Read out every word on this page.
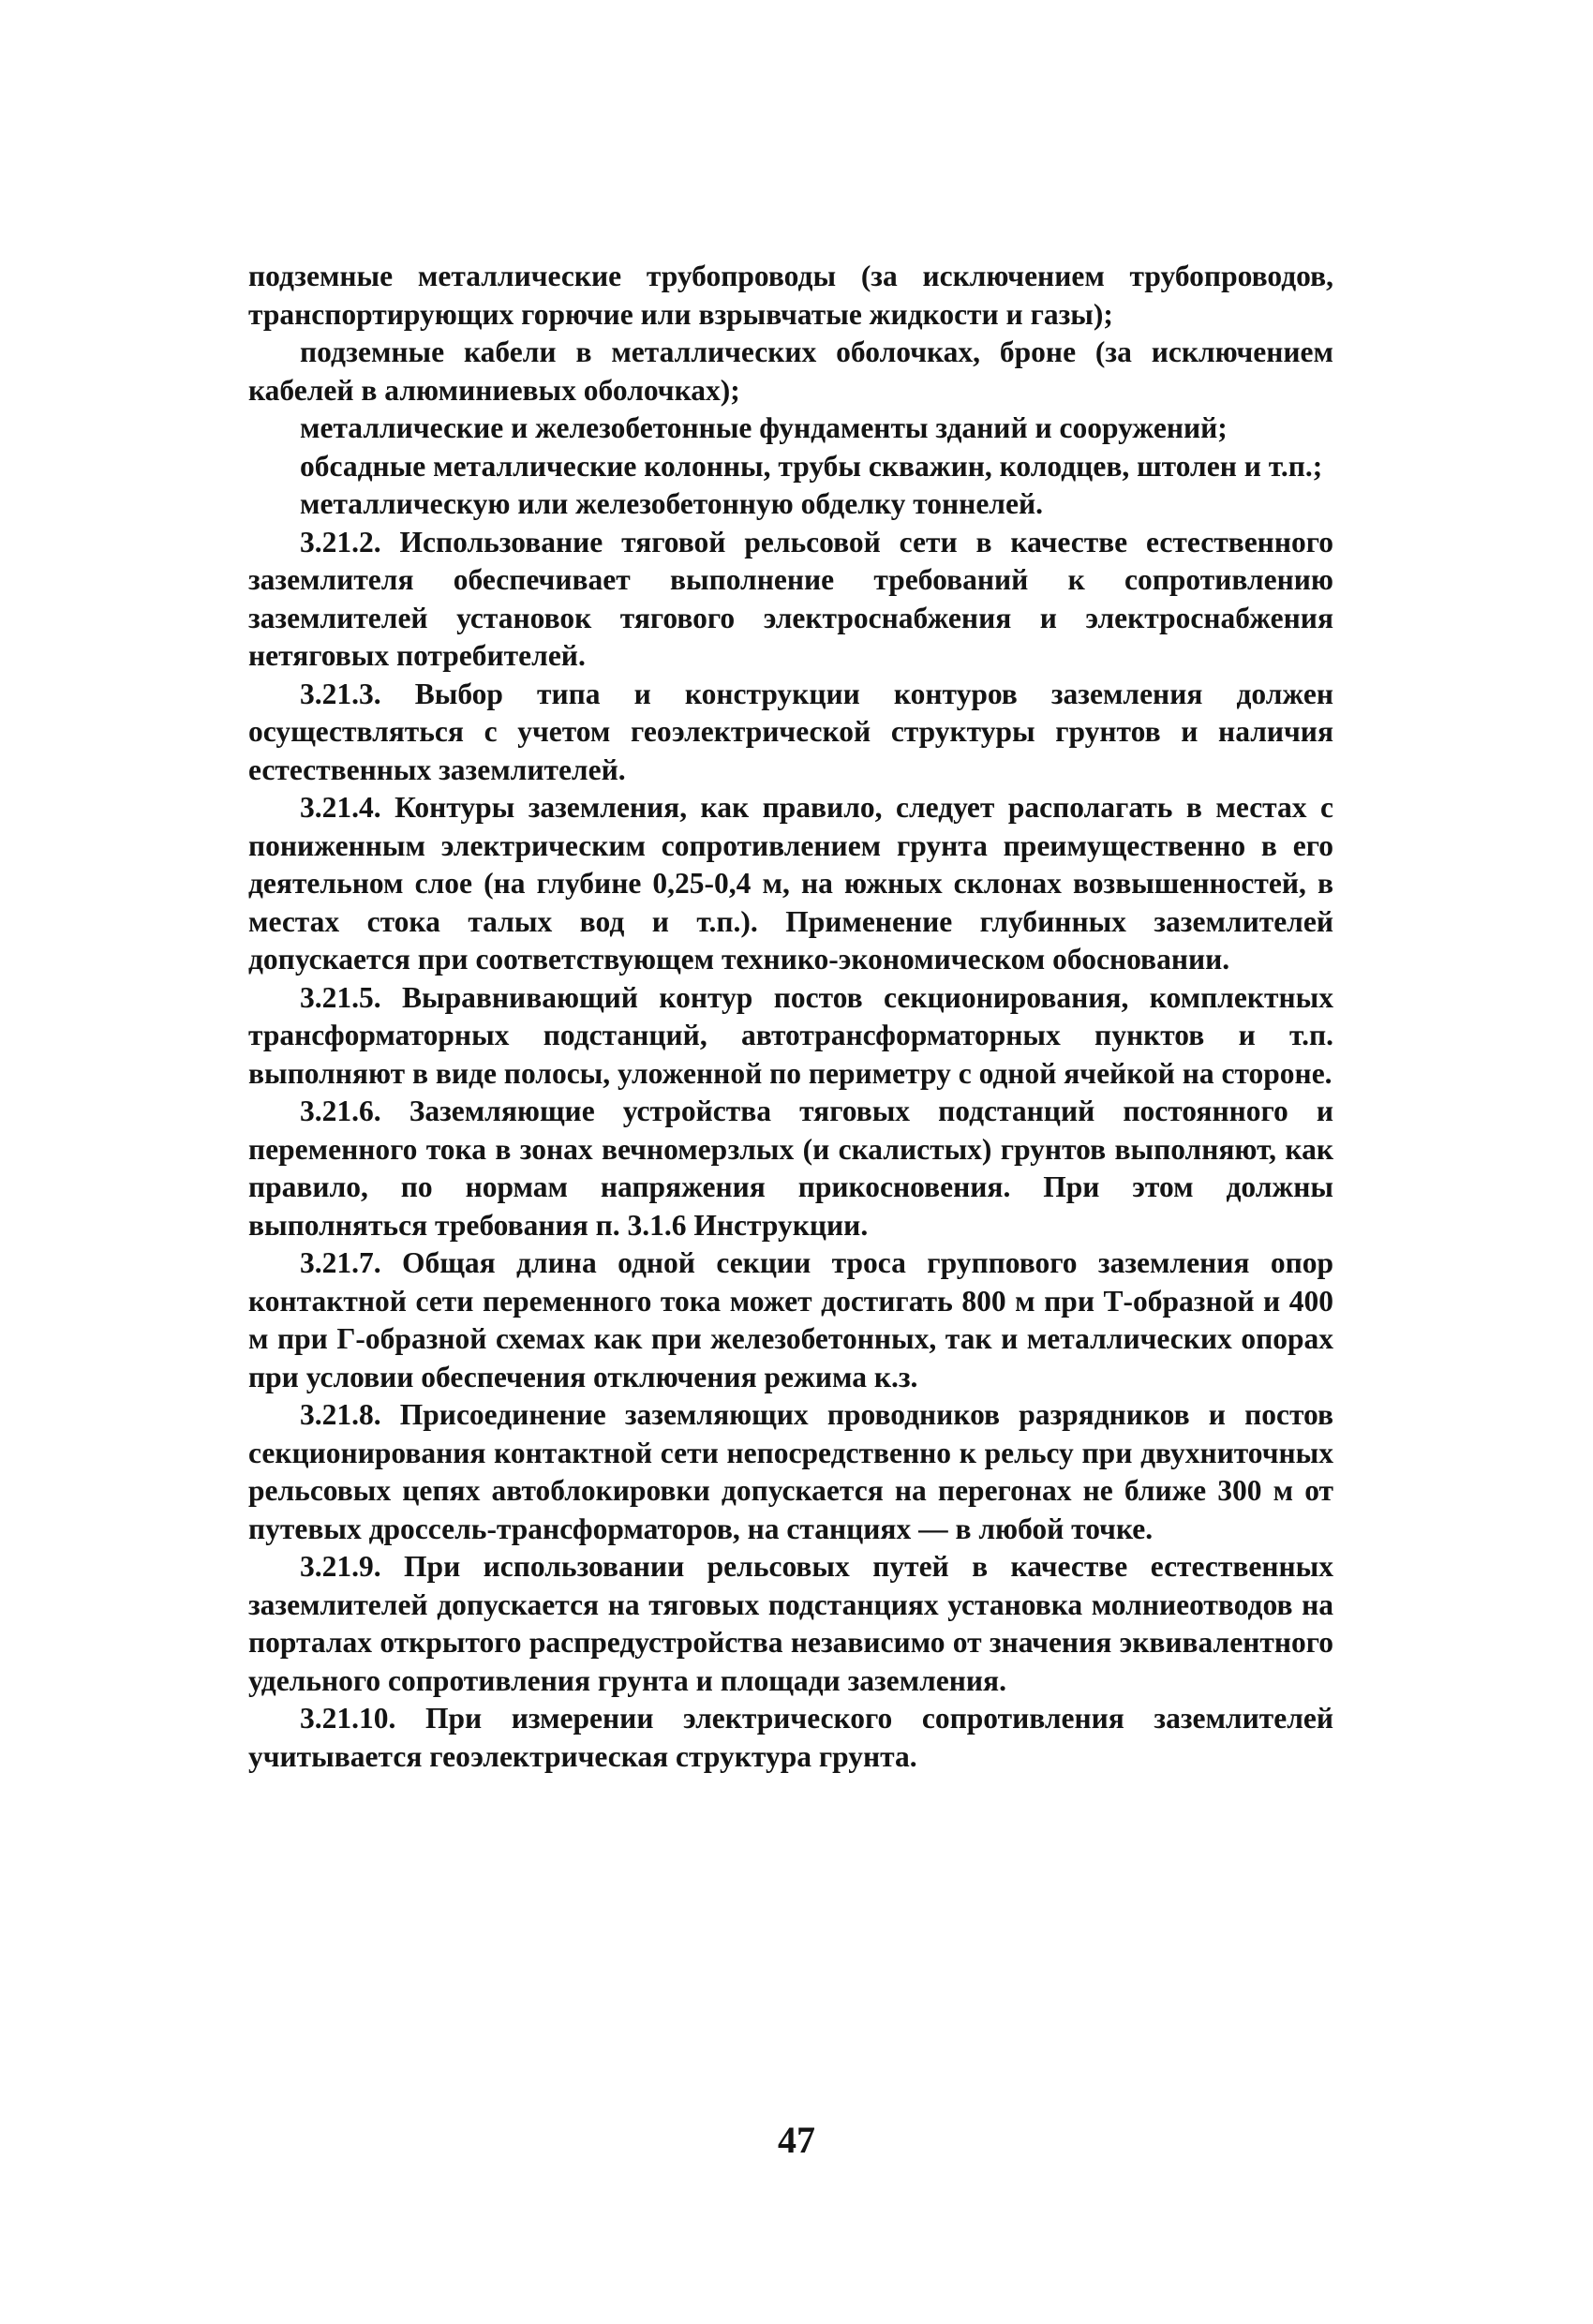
подземные металлические трубопроводы (за исключением трубопроводов, транспортирующих горючие или взрывчатые жидкости и газы);

подземные кабели в металлических оболочках, броне (за исключением кабелей в алюминиевых оболочках);

металлические и железобетонные фундаменты зданий и сооружений;

обсадные металлические колонны, трубы скважин, колодцев, штолен и т.п.;

металлическую или железобетонную обделку тоннелей.

3.21.2. Использование тяговой рельсовой сети в качестве естественного заземлителя обеспечивает выполнение требований к сопротивлению заземлителей установок тягового электроснабжения и электроснабжения нетяговых потребителей.

3.21.3. Выбор типа и конструкции контуров заземления должен осуществляться с учетом геоэлектрической структуры грунтов и наличия естественных заземлителей.

3.21.4. Контуры заземления, как правило, следует располагать в местах с пониженным электрическим сопротивлением грунта преимущественно в его деятельном слое (на глубине 0,25-0,4 м, на южных склонах возвышенностей, в местах стока талых вод и т.п.). Применение глубинных заземлителей допускается при соответствующем технико-экономическом обосновании.

3.21.5. Выравнивающий контур постов секционирования, комплектных трансформаторных подстанций, автотрансформаторных пунктов и т.п. выполняют в виде полосы, уложенной по периметру с одной ячейкой на стороне.

3.21.6. Заземляющие устройства тяговых подстанций постоянного и переменного тока в зонах вечномерзлых (и скалистых) грунтов выполняют, как правило, по нормам напряжения прикосновения. При этом должны выполняться требования п. 3.1.6 Инструкции.

3.21.7. Общая длина одной секции троса группового заземления опор контактной сети переменного тока может достигать 800 м при Т-образной и 400 м при Г-образной схемах как при железобетонных, так и металлических опорах при условии обеспечения отключения режима к.з.

3.21.8. Присоединение заземляющих проводников разрядников и постов секционирования контактной сети непосредственно к рельсу при двухниточных рельсовых цепях автоблокировки допускается на перегонах не ближе 300 м от путевых дроссель-трансформаторов, на станциях — в любой точке.

3.21.9. При использовании рельсовых путей в качестве естественных заземлителей допускается на тяговых подстанциях установка молниеотводов на порталах открытого распредустройства независимо от значения эквивалентного удельного сопротивления грунта и площади заземления.

3.21.10. При измерении электрического сопротивления заземлителей учитывается геоэлектрическая структура грунта.

47
